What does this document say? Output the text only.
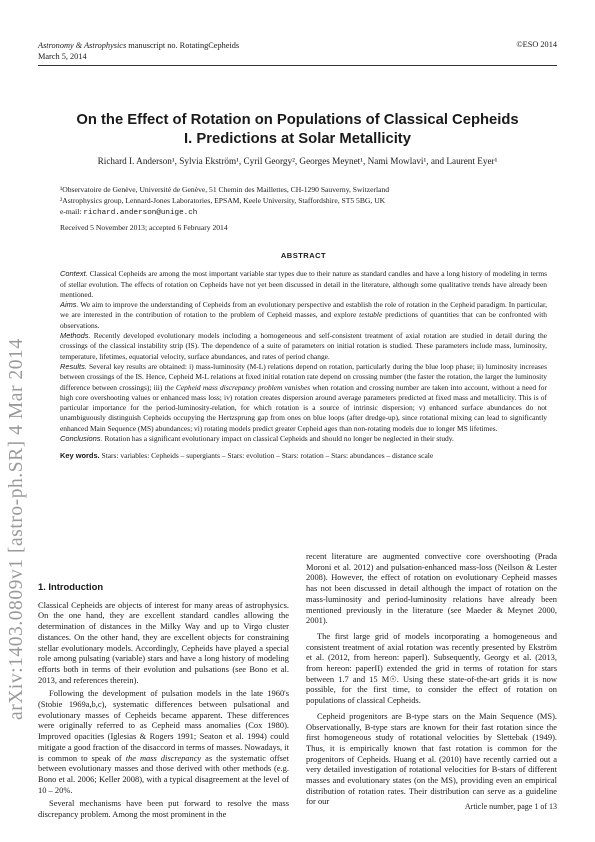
Astronomy & Astrophysics manuscript no. RotatingCepheids
March 5, 2014
©ESO 2014
arXiv:1403.0809v1 [astro-ph.SR] 4 Mar 2014
On the Effect of Rotation on Populations of Classical Cepheids
I. Predictions at Solar Metallicity
Richard I. Anderson¹, Sylvia Ekström¹, Cyril Georgy², Georges Meynet¹, Nami Mowlavi¹, and Laurent Eyer¹
¹Observatoire de Genève, Université de Genève, 51 Chemin des Maillettes, CH-1290 Sauverny, Switzerland
²Astrophysics group, Lennard-Jones Laboratories, EPSAM, Keele University, Staffordshire, ST5 5BG, UK
e-mail: richard.anderson@unige.ch
Received 5 November 2013; accepted 6 February 2014
ABSTRACT

Context. Classical Cepheids are among the most important variable star types due to their nature as standard candles and have a long history of modeling in terms of stellar evolution. The effects of rotation on Cepheids have not yet been discussed in detail in the literature, although some qualitative trends have already been mentioned.

Aims. We aim to improve the understanding of Cepheids from an evolutionary perspective and establish the role of rotation in the Cepheid paradigm. In particular, we are interested in the contribution of rotation to the problem of Cepheid masses, and explore testable predictions of quantities that can be confronted with observations.

Methods. Recently developed evolutionary models including a homogeneous and self-consistent treatment of axial rotation are studied in detail during the crossings of the classical instability strip (IS). The dependence of a suite of parameters on initial rotation is studied. These parameters include mass, luminosity, temperature, lifetimes, equatorial velocity, surface abundances, and rates of period change.

Results. Several key results are obtained: i) mass-luminosity (M-L) relations depend on rotation, particularly during the blue loop phase; ii) luminosity increases between crossings of the IS. Hence, Cepheid M-L relations at fixed initial rotation rate depend on crossing number (the faster the rotation, the larger the luminosity difference between crossings); iii) the Cepheid mass discrepancy problem vanishes when rotation and crossing number are taken into account, without a need for high core overshooting values or enhanced mass loss; iv) rotation creates dispersion around average parameters predicted at fixed mass and metallicity. This is of particular importance for the period-luminosity-relation, for which rotation is a source of intrinsic dispersion; v) enhanced surface abundances do not unambiguously distinguish Cepheids occupying the Hertzsprung gap from ones on blue loops (after dredge-up), since rotational mixing can lead to significantly enhanced Main Sequence (MS) abundances; vi) rotating models predict greater Cepheid ages than non-rotating models due to longer MS lifetimes.

Conclusions. Rotation has a significant evolutionary impact on classical Cepheids and should no longer be neglected in their study.

Key words. Stars: variables: Cepheids – supergiants – Stars: evolution – Stars: rotation – Stars: abundances – distance scale

1. Introduction

Classical Cepheids are objects of interest for many areas of astrophysics. On the one hand, they are excellent standard candles allowing the determination of distances in the Milky Way and up to Virgo cluster distances. On the other hand, they are excellent objects for constraining stellar evolutionary models. Accordingly, Cepheids have played a special role among pulsating (variable) stars and have a long history of modeling efforts both in terms of their evolution and pulsations (see Bono et al. 2013, and references therein).

Following the development of pulsation models in the late 1960's (Stobie 1969a,b,c), systematic differences between pulsational and evolutionary masses of Cepheids became apparent. These differences were originally referred to as Cepheid mass anomalies (Cox 1980). Improved opacities (Iglesias & Rogers 1991; Seaton et al. 1994) could mitigate a good fraction of the disaccord in terms of masses. Nowadays, it is common to speak of the mass discrepancy as the systematic offset between evolutionary masses and those derived with other methods (e.g. Bono et al. 2006; Keller 2008), with a typical disagreement at the level of 10 – 20%.

Several mechanisms have been put forward to resolve the mass discrepancy problem. Among the most prominent in the

recent literature are augmented convective core overshooting (Prada Moroni et al. 2012) and pulsation-enhanced mass-loss (Neilson & Lester 2008). However, the effect of rotation on evolutionary Cepheid masses has not been discussed in detail although the impact of rotation on the mass-luminosity and period-luminosity relations have already been mentioned previously in the literature (see Maeder & Meynet 2000, 2001).

The first large grid of models incorporating a homogeneous and consistent treatment of axial rotation was recently presented by Ekström et al. (2012, from hereon: paperI). Subsequently, Georgy et al. (2013, from hereon: paperII) extended the grid in terms of rotation for stars between 1.7 and 15 M☉. Using these state-of-the-art grids it is now possible, for the first time, to consider the effect of rotation on populations of classical Cepheids.

Cepheid progenitors are B-type stars on the Main Sequence (MS). Observationally, B-type stars are known for their fast rotation since the first homogeneous study of rotational velocities by Slettebak (1949). Thus, it is empirically known that fast rotation is common for the progenitors of Cepheids. Huang et al. (2010) have recently carried out a very detailed investigation of rotational velocities for B-stars of different masses and evolutionary states (on the MS), providing even an empirical distribution of rotation rates. Their distribution can serve as a guideline for our

Article number, page 1 of 13
